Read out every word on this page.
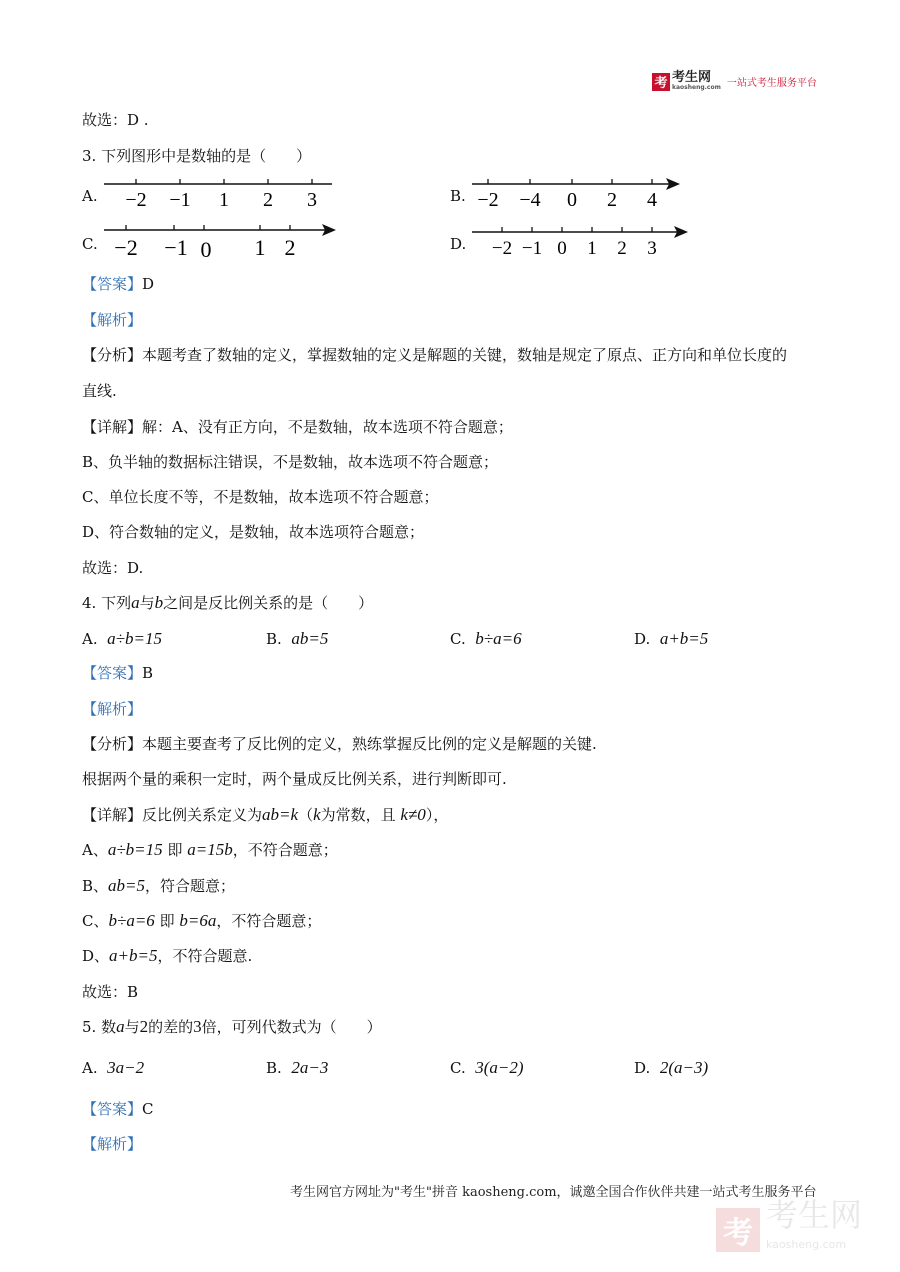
考 考生网
kaosheng.com 一站式考生服务平台
故选：D .
3. 下列图形中是数轴的是（　　）
A. −2 −1 1 2 3	B. −2 −4 0 2 4
C. −2 −1 0 1 2	D. −2 −1 0 1 2 3
【答案】D
【解析】
【分析】本题考查了数轴的定义，掌握数轴的定义是解题的关键，数轴是规定了原点、正方向和单位长度的
直线.
【详解】解：A、没有正方向，不是数轴，故本选项不符合题意；
B、负半轴的数据标注错误，不是数轴，故本选项不符合题意；
C、单位长度不等，不是数轴，故本选项不符合题意；
D、符合数轴的定义，是数轴，故本选项符合题意；
故选：D.
4. 下列a与b之间是反比例关系的是（　　）
A. a÷b=15	B. ab=5	C. b÷a=6	D. a+b=5
【答案】B
【解析】
【分析】本题主要查考了反比例的定义，熟练掌握反比例的定义是解题的关键.
根据两个量的乘积一定时，两个量成反比例关系，进行判断即可.
【详解】反比例关系定义为ab=k（k为常数，且 k≠0），
A、a÷b=15 即 a=15b，不符合题意；
B、ab=5，符合题意；
C、b÷a=6 即 b=6a，不符合题意；
D、a+b=5，不符合题意.
故选：B
5. 数a与2的差的3倍，可列代数式为（　　）
A. 3a−2	B. 2a−3	C. 3(a−2)	D. 2(a−3)
【答案】C
【解析】
考生网官方网址为"考生"拼音 kaosheng.com，诚邀全国合作伙伴共建一站式考生服务平台
考 考生网
kaosheng.com
